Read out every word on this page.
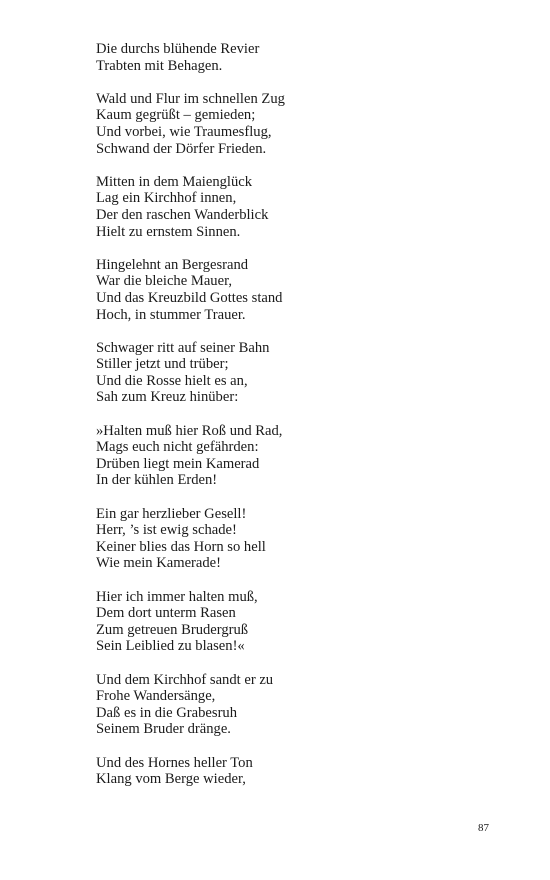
Die durchs blühende Revier
Trabten mit Behagen.
Wald und Flur im schnellen Zug
Kaum gegrüßt – gemieden;
Und vorbei, wie Traumesflug,
Schwand der Dörfer Frieden.
Mitten in dem Maienglück
Lag ein Kirchhof innen,
Der den raschen Wanderblick
Hielt zu ernstem Sinnen.
Hingelehnt an Bergesrand
War die bleiche Mauer,
Und das Kreuzbild Gottes stand
Hoch, in stummer Trauer.
Schwager ritt auf seiner Bahn
Stiller jetzt und trüber;
Und die Rosse hielt es an,
Sah zum Kreuz hinüber:
»Halten muß hier Roß und Rad,
Mags euch nicht gefährden:
Drüben liegt mein Kamerad
In der kühlen Erden!
Ein gar herzlieber Gesell!
Herr, ’s ist ewig schade!
Keiner blies das Horn so hell
Wie mein Kamerade!
Hier ich immer halten muß,
Dem dort unterm Rasen
Zum getreuen Brudergruß
Sein Leiblied zu blasen!«
Und dem Kirchhof sandt er zu
Frohe Wandersänge,
Daß es in die Grabesruh
Seinem Bruder dränge.
Und des Hornes heller Ton
Klang vom Berge wieder,
87
